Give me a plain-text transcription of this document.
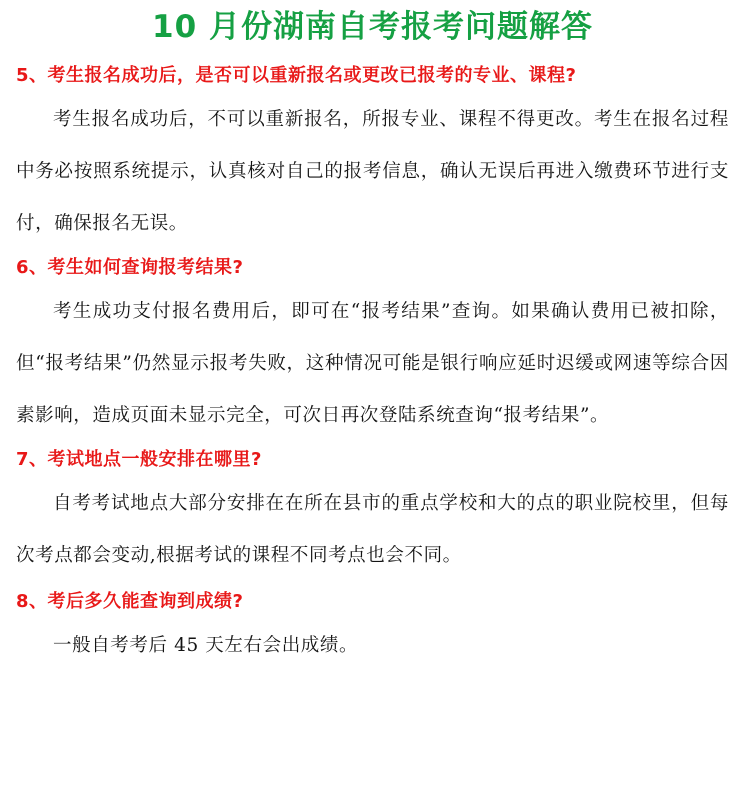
10 月份湖南自考报考问题解答
5、考生报名成功后，是否可以重新报名或更改已报考的专业、课程?

考生报名成功后，不可以重新报名，所报专业、课程不得更改。考生在报名过程中务必按照系统提示，认真核对自己的报考信息，确认无误后再进入缴费环节进行支付，确保报名无误。

6、考生如何查询报考结果?

考生成功支付报名费用后，即可在“报考结果”查询。如果确认费用已被扣除，但“报考结果”仍然显示报考失败，这种情况可能是银行响应延时迟缓或网速等综合因素影响，造成页面未显示完全，可次日再次登陆系统查询“报考结果”。

7、考试地点一般安排在哪里?

自考考试地点大部分安排在在所在县市的重点学校和大的点的职业院校里，但每次考点都会变动,根据考试的课程不同考点也会不同。

8、考后多久能查询到成绩?

一般自考考后 45 天左右会出成绩。
